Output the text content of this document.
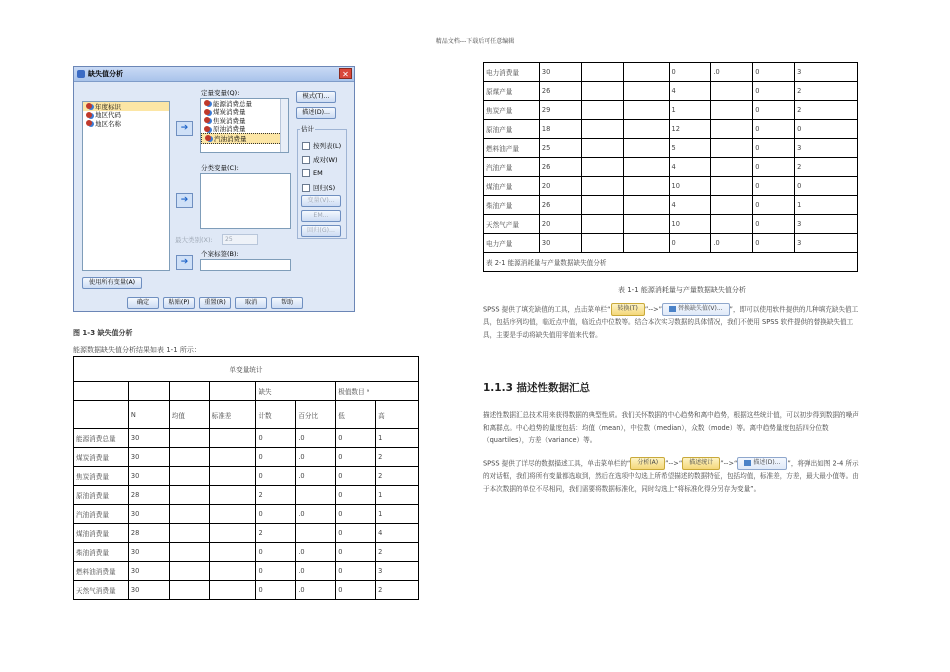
精品文档---下载后可任意编辑
缺失值分析	✕
年度标识
地区代码
地区名称	➔
➔
➔
定量变量(Q):
能源消费总量
煤炭消费量
焦炭消费量
原油消费量
汽油消费量
分类变量(C):
最大类别(X):	25
个案标签(B):
模式(T)...
描述(D)...
估计
按列表(L)
成对(W)
EM
回归(S)
变量(V)...
EM...
回归(G)...
使用所有变量(A)
确定	粘贴(P)	重置(R)	取消	帮助
图 1-3 缺失值分析
能源数据缺失值分析结果如表 1-1 所示：
单变量统计							
				缺失		极值数目 ᵃ	
	N	均值	标准差	计数	百分比	低	高
能源消费总量	30			0	.0	0	1
煤炭消费量	30			0	.0	0	2
焦炭消费量	30			0	.0	0	2
原油消费量	28			2		0	1
汽油消费量	30			0	.0	0	1
煤油消费量	28			2		0	4
柴油消费量	30			0	.0	0	2
燃料油消费量	30			0	.0	0	3
天然气消费量	30			0	.0	0	2
电力消费量	30			0	.0	0	3
原煤产量	26			4		0	2
焦炭产量	29			1		0	2
原油产量	18			12		0	0
燃料油产量	25			5		0	3
汽油产量	26			4		0	2
煤油产量	20			10		0	0
柴油产量	26			4		0	1
天然气产量	20			10		0	3
电力产量	30			0	.0	0	3
表 2-1 能源消耗量与产量数据缺失值分析							
表 1-1 能源消耗量与产量数据缺失值分析
SPSS 提供了填充缺值的工具，点击菜单栏“ 转换(T) ”-->”	替换缺失值(V)... ”，即可以使用软件提供的几种填充缺失值工具，包括序列均值，临近点中值，临近点中位数等。结合本次实习数据的具体情况，我们不使用 SPSS 软件提供的替换缺失值工具，主要是手动将缺失值用零值来代替。
1.1.3 描述性数据汇总
描述性数据汇总技术用来获得数据的典型性质。我们关怀数据的中心趋势和离中趋势，根据这些统计值，可以初步得到数据的噪声和离群点。中心趋势的量度包括：均值（mean），中位数（median），众数（mode）等。离中趋势量度包括四分位数（quartiles），方差（variance）等。
SPSS 提供了详尽的数据描述工具，单击菜单栏的“ 分析(A) ”-->“ 描述统计 ”-->“	描述(D)... ”，将弹出如图 2-4 所示的对话框，我们将所有变量都选取到，然后在选项中勾选上所希望描述的数据特征，包括均值，标准差，方差，最大最小值等。由于本次数据的单位不尽相同，我们需要将数据标准化，同时勾选上“将标准化得分另存为变量”。
